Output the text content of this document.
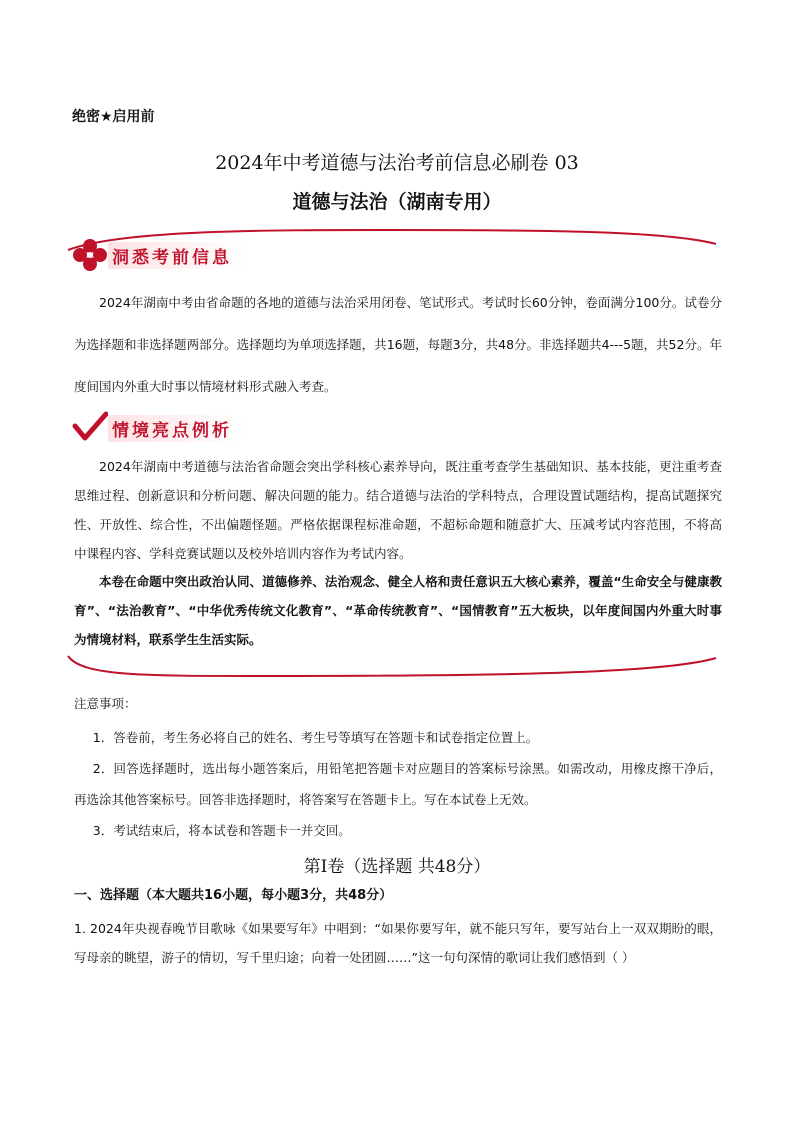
绝密★启用前
2024年中考道德与法治考前信息必刷卷 03
道德与法治（湖南专用）
洞悉考前信息
2024年湖南中考由省命题的各地的道德与法治采用闭卷、笔试形式。考试时长60分钟，卷面满分100分。试卷分为选择题和非选择题两部分。选择题均为单项选择题，共16题，每题3分，共48分。非选择题共4---5题，共52分。年度间国内外重大时事以情境材料形式融入考查。
情境亮点例析
2024年湖南中考道德与法治省命题会突出学科核心素养导向，既注重考查学生基础知识、基本技能，更注重考查思维过程、创新意识和分析问题、解决问题的能力。结合道德与法治的学科特点，合理设置试题结构，提高试题探究性、开放性、综合性，不出偏题怪题。严格依据课程标准命题，不超标命题和随意扩大、压减考试内容范围，不将高中课程内容、学科竞赛试题以及校外培训内容作为考试内容。
本卷在命题中突出政治认同、道德修养、法治观念、健全人格和责任意识五大核心素养，覆盖“生命安全与健康教育”、“法治教育”、“中华优秀传统文化教育”、“革命传统教育”、“国情教育”五大板块，以年度间国内外重大时事为情境材料，联系学生生活实际。
注意事项：
1．答卷前，考生务必将自己的姓名、考生号等填写在答题卡和试卷指定位置上。
2．回答选择题时，选出每小题答案后，用铅笔把答题卡对应题目的答案标号涂黑。如需改动，用橡皮擦干净后，再选涂其他答案标号。回答非选择题时，将答案写在答题卡上。写在本试卷上无效。
3．考试结束后，将本试卷和答题卡一并交回。
第Ⅰ卷（选择题 共48分）
一、选择题（本大题共16小题，每小题3分，共48分）
1. 2024年央视春晚节目歌咏《如果要写年》中唱到：“如果你要写年，就不能只写年，要写站台上一双双期盼的眼，写母亲的眺望，游子的情切，写千里归途；向着一处团圆……”这一句句深情的歌词让我们感悟到（ ）
